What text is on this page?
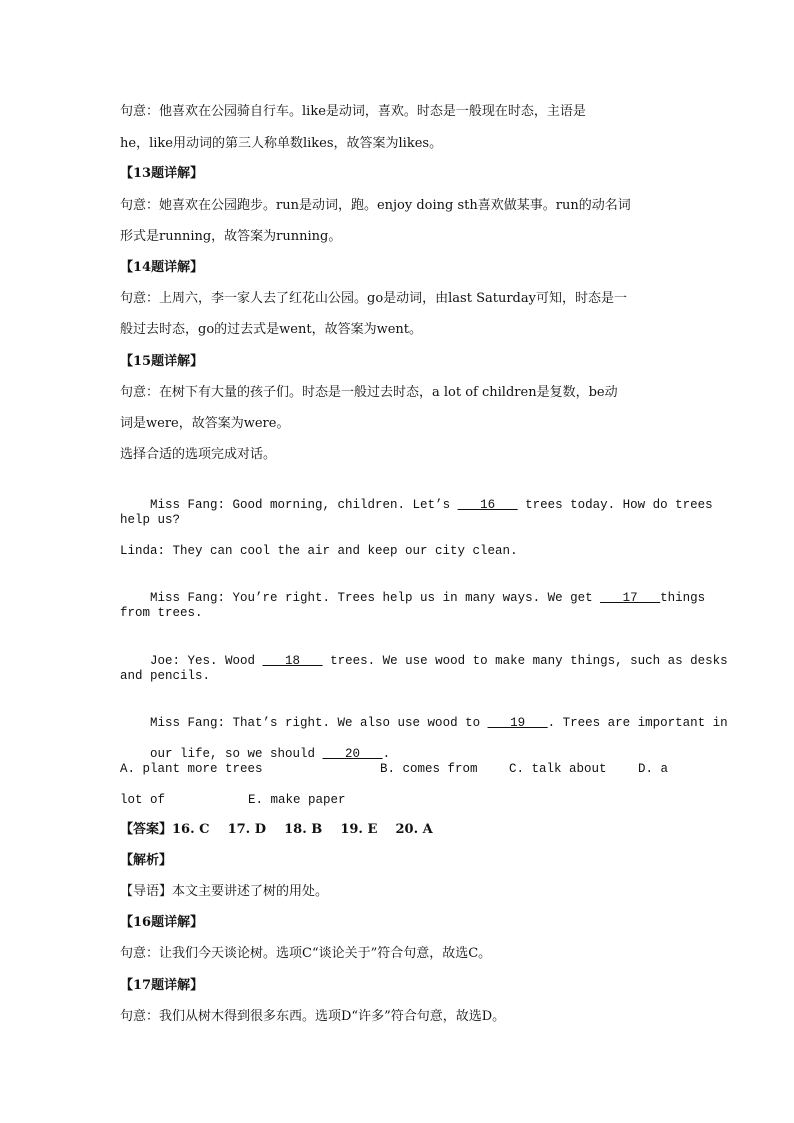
句意：他喜欢在公园骑自行车。like是动词，喜欢。时态是一般现在时态，主语是
he，like用动词的第三人称单数likes，故答案为likes。
【13题详解】
句意：她喜欢在公园跑步。run是动词，跑。enjoy doing sth喜欢做某事。run的动名词
形式是running，故答案为running。
【14题详解】
句意：上周六，李一家人去了红花山公园。go是动词，由last Saturday可知，时态是一
般过去时态，go的过去式是went，故答案为went。
【15题详解】
句意：在树下有大量的孩子们。时态是一般过去时态，a lot of children是复数，be动
词是were，故答案为were。
选择合适的选项完成对话。

Miss Fang: Good morning, children. Let’s ___16___ trees today. How do trees

help us?
Linda: They can cool the air and keep our city clean.

Miss Fang: You’re right. Trees help us in many ways. We get ___17___things

from trees.

Joe: Yes. Wood ___18___ trees. We use wood to make many things, such as desks

and pencils.

Miss Fang: That’s right. We also use wood to ___19___. Trees are important in

our life, so we should ___20___.

A. plant more trees	B. comes from	C. talk about	D. a
lot of	E. make paper
【答案】16. C    17. D    18. B    19. E    20. A
【解析】
【导语】本文主要讲述了树的用处。
【16题详解】
句意：让我们今天谈论树。选项C“谈论关于”符合句意，故选C。
【17题详解】
句意：我们从树木得到很多东西。选项D“许多”符合句意，故选D。
